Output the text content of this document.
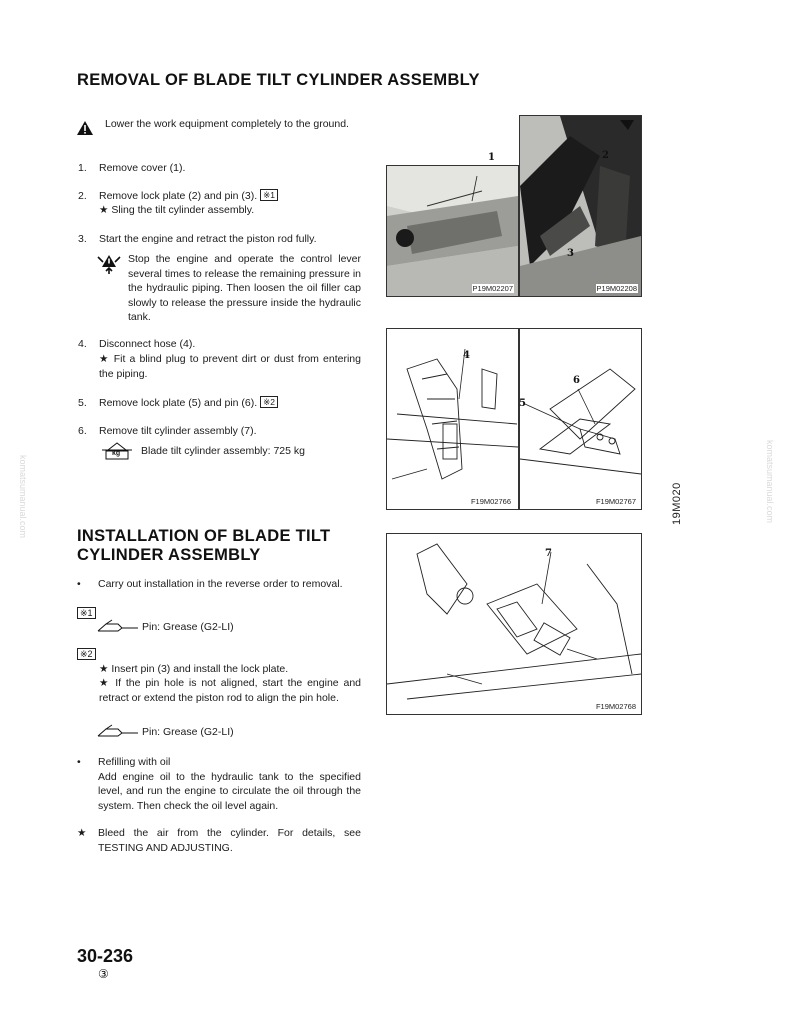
REMOVAL OF BLADE TILT CYLINDER ASSEMBLY
Lower the work equipment completely to the ground.
1. Remove cover (1).
2. Remove lock plate (2) and pin (3). ※1
★ Sling the tilt cylinder assembly.
3. Start the engine and retract the piston rod fully.
Stop the engine and operate the control lever several times to release the remaining pressure in the hydraulic piping. Then loosen the oil filler cap slowly to release the pressure inside the hydraulic tank.
4. Disconnect hose (4).
★ Fit a blind plug to prevent dirt or dust from entering the piping.
5. Remove lock plate (5) and pin (6). ※2
6. Remove tilt cylinder assembly (7).
kg Blade tilt cylinder assembly: 725 kg
INSTALLATION OF BLADE TILT
CYLINDER ASSEMBLY
• Carry out installation in the reverse order to removal.
※1
Pin: Grease (G2-LI)
※2
★ Insert pin (3) and install the lock plate.
★ If the pin hole is not aligned, start the engine and retract or extend the piston rod to align the pin hole.
Pin: Grease (G2-LI)
• Refilling with oil
Add engine oil to the hydraulic tank to the specified level, and run the engine to circulate the oil through the system. Then check the oil level again.
★ Bleed the air from the cylinder. For details, see TESTING AND ADJUSTING.
P19M02207
1
P19M02208
2
3
F19M02766
4
F19M02767
6
5
F19M02768
7
19M020	komatsumanual.com
komatsumanual.com
30-236
③
